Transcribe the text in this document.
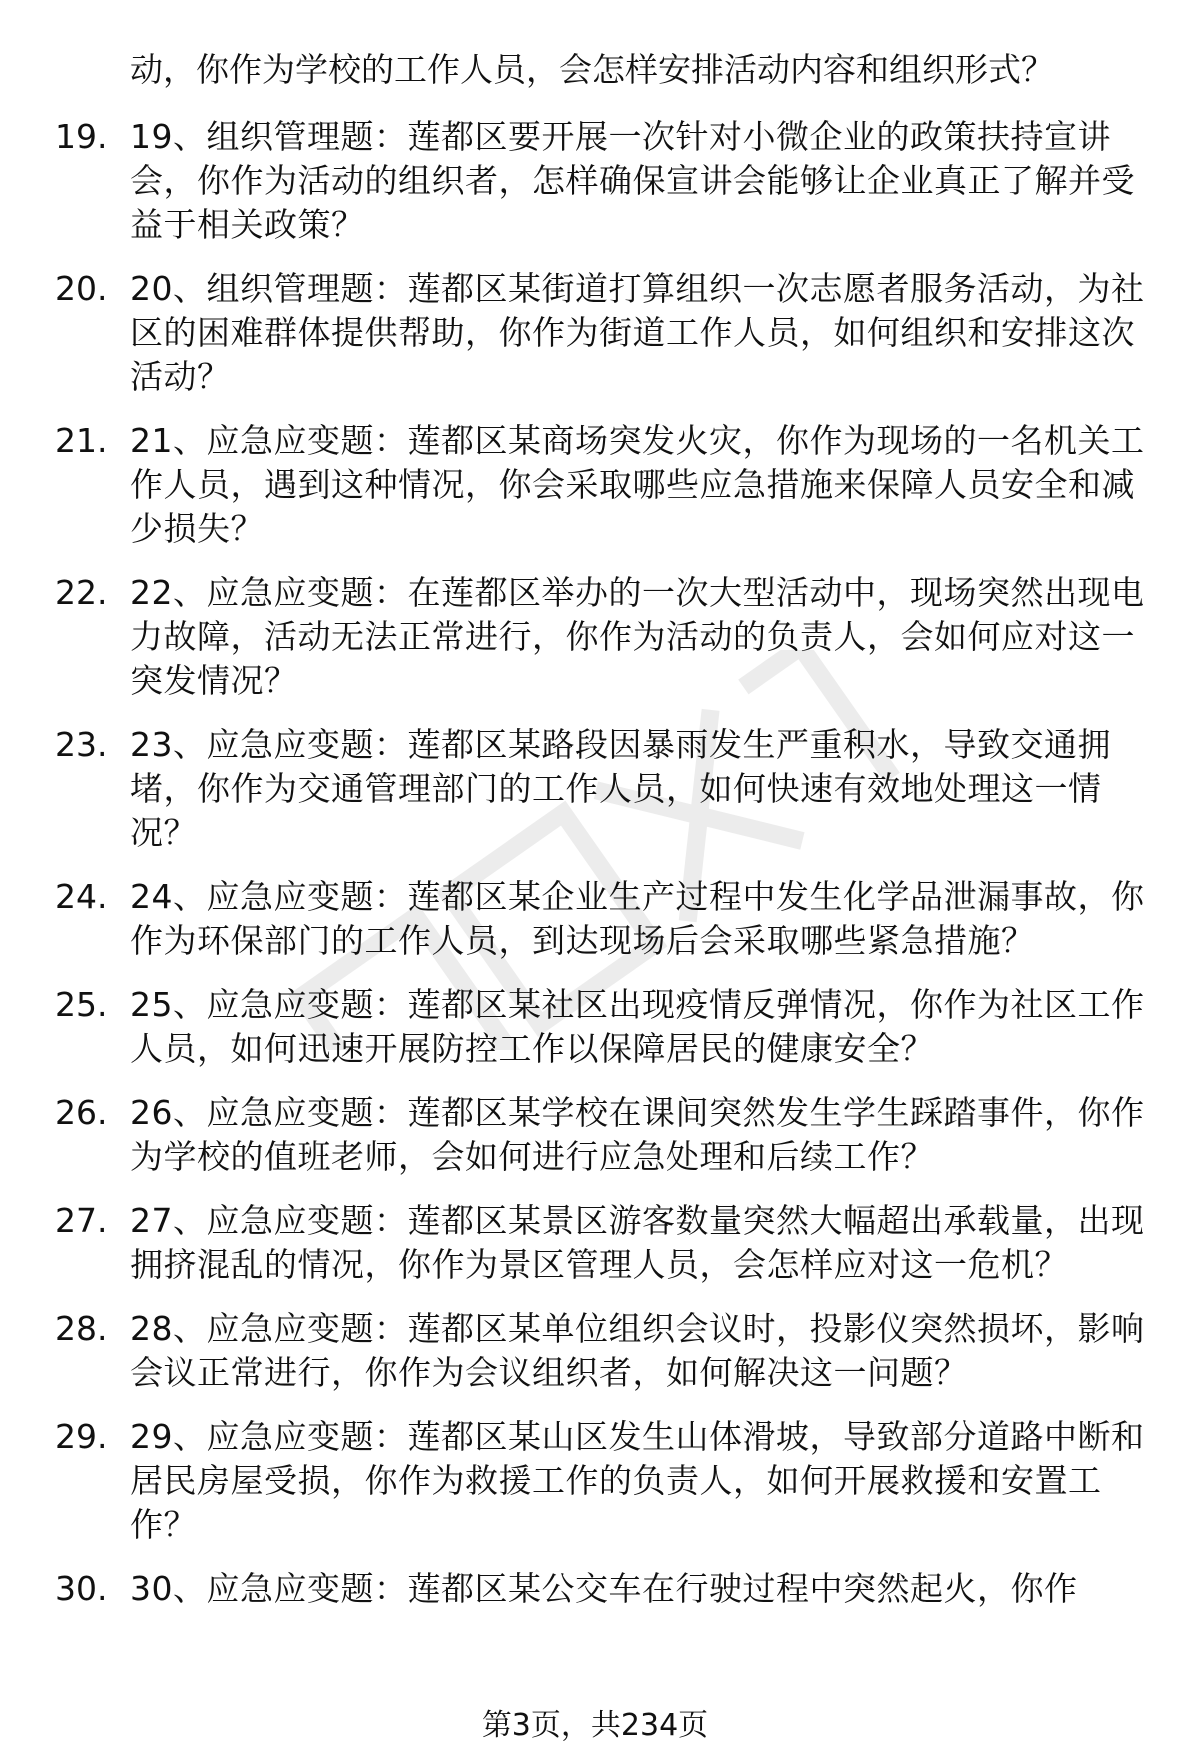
动，你作为学校的工作人员，会怎样安排活动内容和组织形式？
19. 19、组织管理题：莲都区要开展一次针对小微企业的政策扶持宣讲会，你作为活动的组织者，怎样确保宣讲会能够让企业真正了解并受益于相关政策？
20. 20、组织管理题：莲都区某街道打算组织一次志愿者服务活动，为社区的困难群体提供帮助，你作为街道工作人员，如何组织和安排这次活动？
21. 21、应急应变题：莲都区某商场突发火灾，你作为现场的一名机关工作人员，遇到这种情况，你会采取哪些应急措施来保障人员安全和减少损失？
22. 22、应急应变题：在莲都区举办的一次大型活动中，现场突然出现电力故障，活动无法正常进行，你作为活动的负责人，会如何应对这一突发情况？
23. 23、应急应变题：莲都区某路段因暴雨发生严重积水，导致交通拥堵，你作为交通管理部门的工作人员，如何快速有效地处理这一情况？
24. 24、应急应变题：莲都区某企业生产过程中发生化学品泄漏事故，你作为环保部门的工作人员，到达现场后会采取哪些紧急措施？
25. 25、应急应变题：莲都区某社区出现疫情反弹情况，你作为社区工作人员，如何迅速开展防控工作以保障居民的健康安全？
26. 26、应急应变题：莲都区某学校在课间突然发生学生踩踏事件，你作为学校的值班老师，会如何进行应急处理和后续工作？
27. 27、应急应变题：莲都区某景区游客数量突然大幅超出承载量，出现拥挤混乱的情况，你作为景区管理人员，会怎样应对这一危机？
28. 28、应急应变题：莲都区某单位组织会议时，投影仪突然损坏，影响会议正常进行，你作为会议组织者，如何解决这一问题？
29. 29、应急应变题：莲都区某山区发生山体滑坡，导致部分道路中断和居民房屋受损，你作为救援工作的负责人，如何开展救援和安置工作？
30. 30、应急应变题：莲都区某公交车在行驶过程中突然起火，你作
第3页，共234页
